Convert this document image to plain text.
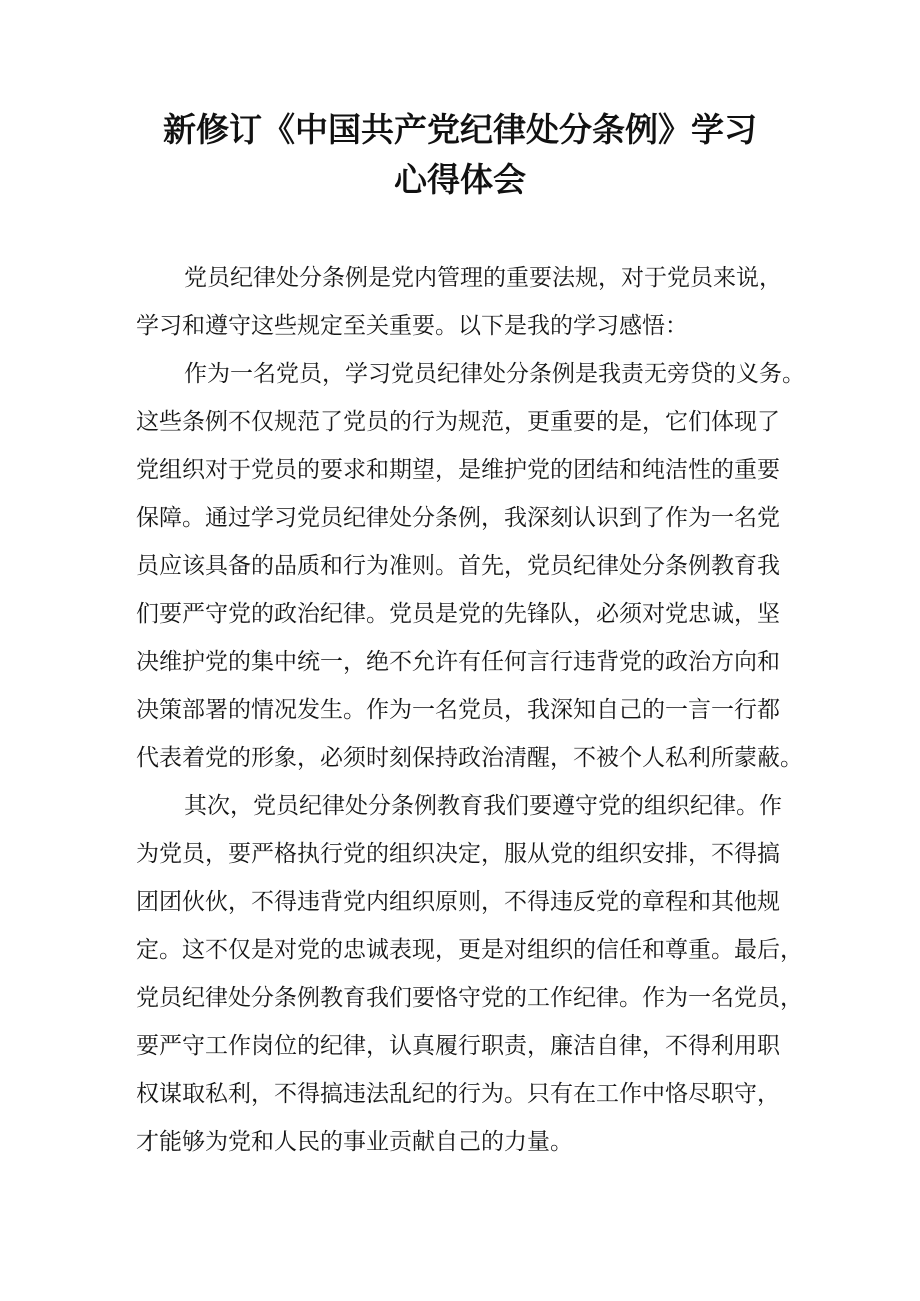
新修订《中国共产党纪律处分条例》学习
心得体会

党员纪律处分条例是党内管理的重要法规，对于党员来说，

学习和遵守这些规定至关重要。以下是我的学习感悟：

作为一名党员，学习党员纪律处分条例是我责无旁贷的义务。

这些条例不仅规范了党员的行为规范，更重要的是，它们体现了

党组织对于党员的要求和期望，是维护党的团结和纯洁性的重要

保障。通过学习党员纪律处分条例，我深刻认识到了作为一名党

员应该具备的品质和行为准则。首先，党员纪律处分条例教育我

们要严守党的政治纪律。党员是党的先锋队，必须对党忠诚，坚

决维护党的集中统一，绝不允许有任何言行违背党的政治方向和

决策部署的情况发生。作为一名党员，我深知自己的一言一行都

代表着党的形象，必须时刻保持政治清醒，不被个人私利所蒙蔽。

其次，党员纪律处分条例教育我们要遵守党的组织纪律。作

为党员，要严格执行党的组织决定，服从党的组织安排，不得搞

团团伙伙，不得违背党内组织原则，不得违反党的章程和其他规

定。这不仅是对党的忠诚表现，更是对组织的信任和尊重。最后，

党员纪律处分条例教育我们要恪守党的工作纪律。作为一名党员，

要严守工作岗位的纪律，认真履行职责，廉洁自律，不得利用职

权谋取私利，不得搞违法乱纪的行为。只有在工作中恪尽职守，

才能够为党和人民的事业贡献自己的力量。
